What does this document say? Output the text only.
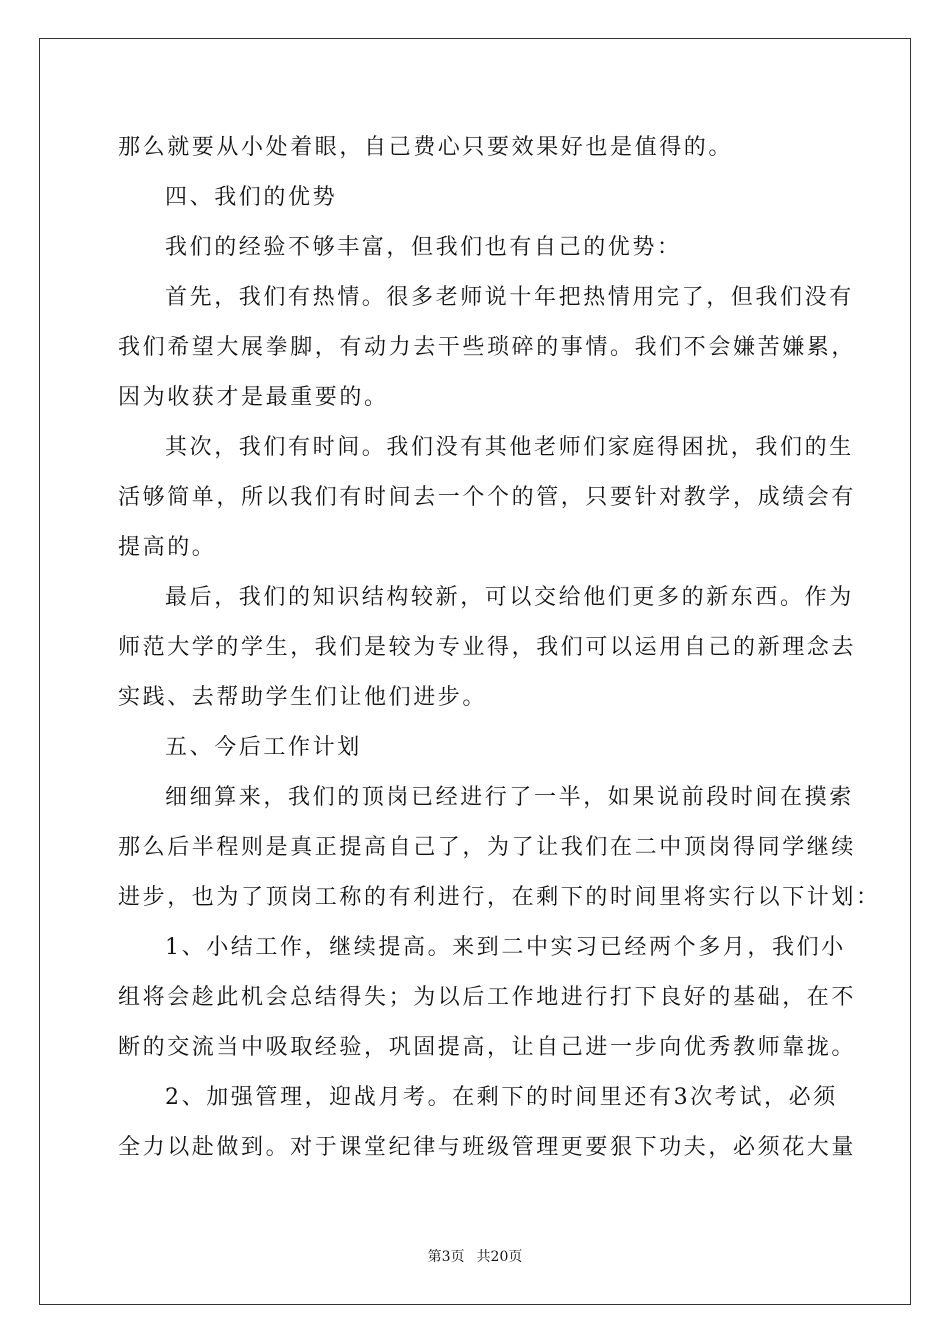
那么就要从小处着眼，自己费心只要效果好也是值得的。
四、我们的优势
我们的经验不够丰富，但我们也有自己的优势：
首先，我们有热情。很多老师说十年把热情用完了，但我们没有
我们希望大展拳脚，有动力去干些琐碎的事情。我们不会嫌苦嫌累，
因为收获才是最重要的。
其次，我们有时间。我们没有其他老师们家庭得困扰，我们的生
活够简单，所以我们有时间去一个个的管，只要针对教学，成绩会有
提高的。
最后，我们的知识结构较新，可以交给他们更多的新东西。作为
师范大学的学生，我们是较为专业得，我们可以运用自己的新理念去
实践、去帮助学生们让他们进步。
五、今后工作计划
细细算来，我们的顶岗已经进行了一半，如果说前段时间在摸索
那么后半程则是真正提高自己了，为了让我们在二中顶岗得同学继续
进步，也为了顶岗工称的有利进行，在剩下的时间里将实行以下计划：
1、小结工作，继续提高。来到二中实习已经两个多月，我们小
组将会趁此机会总结得失；为以后工作地进行打下良好的基础，在不
断的交流当中吸取经验，巩固提高，让自己进一步向优秀教师靠拢。
2、加强管理，迎战月考。在剩下的时间里还有3次考试，必须
全力以赴做到。对于课堂纪律与班级管理更要狠下功夫，必须花大量
第3页 共20页
